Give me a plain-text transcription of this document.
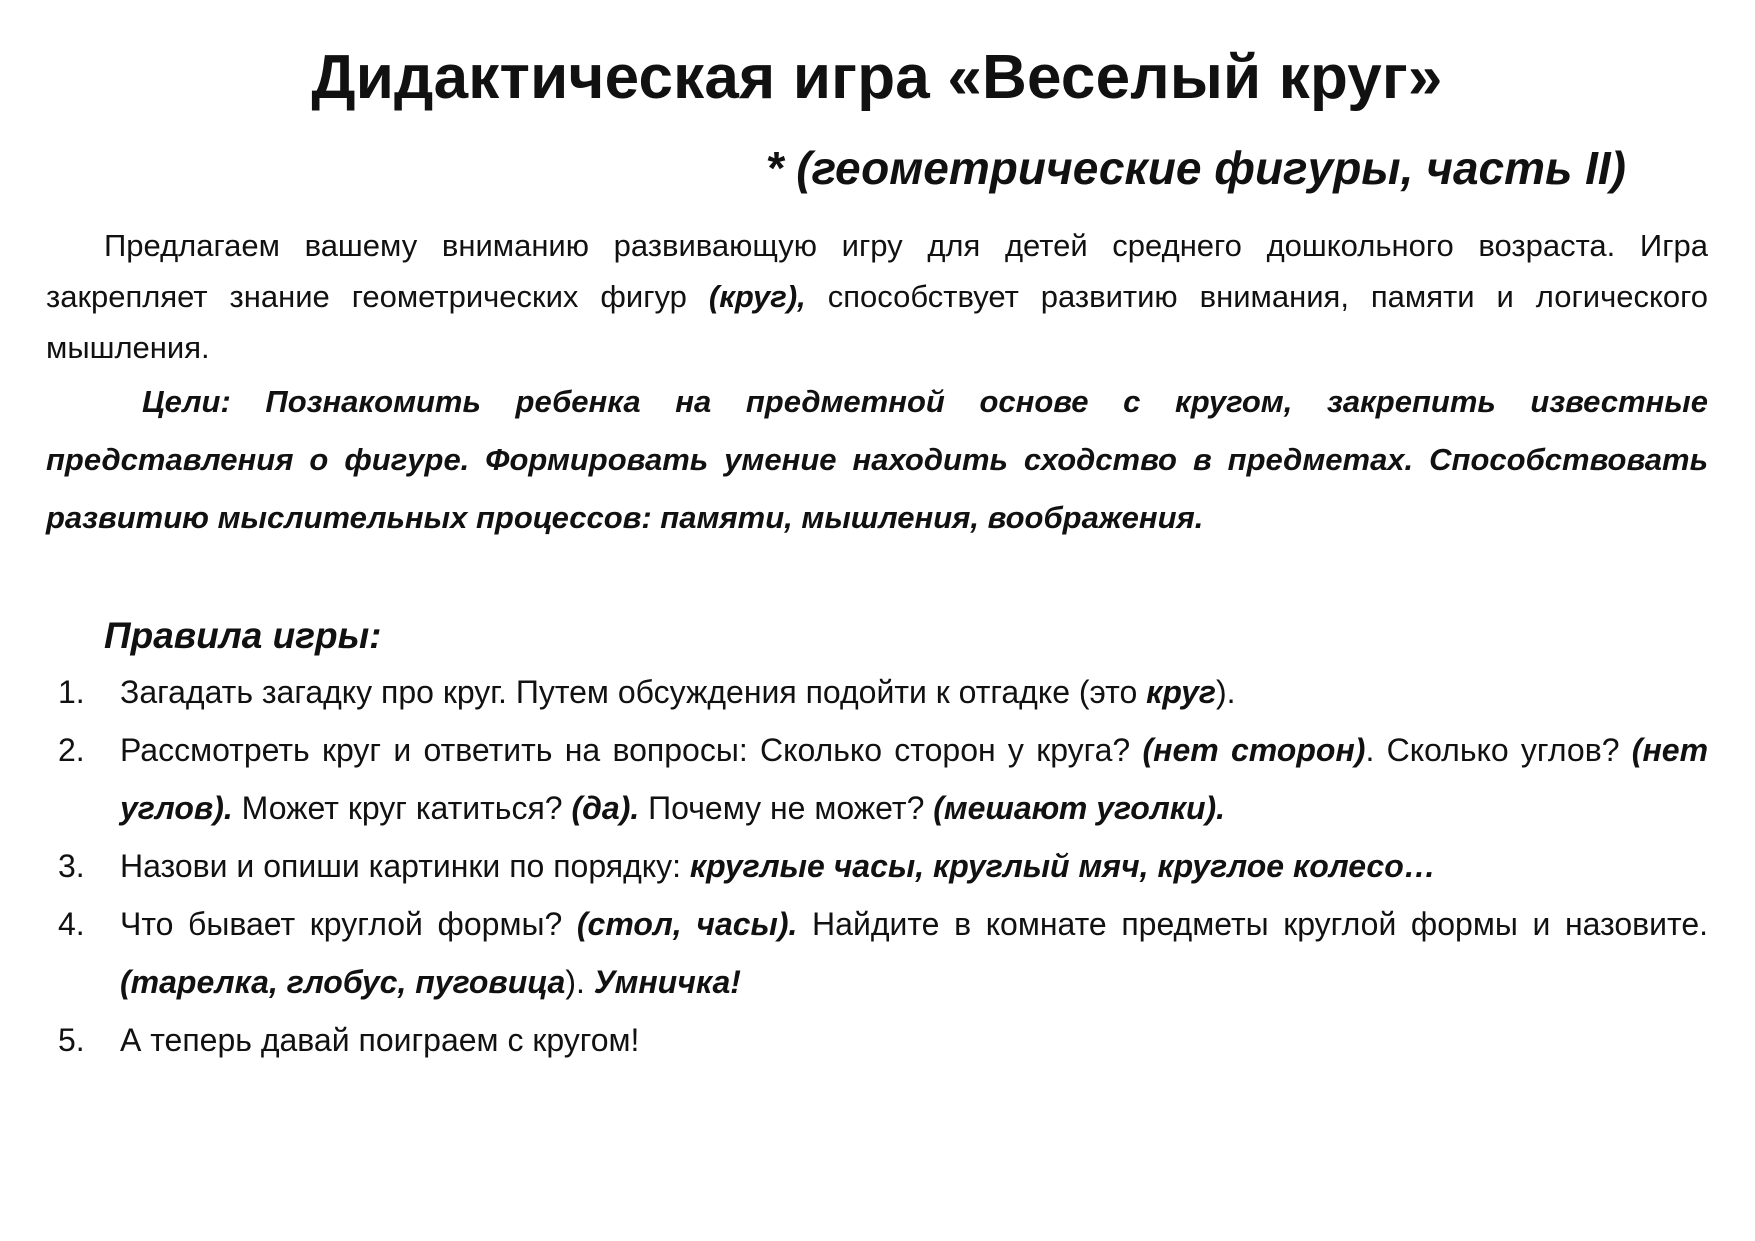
Дидактическая игра «Веселый круг»
* (геометрические фигуры, часть II)

Предлагаем вашему вниманию развивающую игру для детей среднего дошкольного возраста. Игра закрепляет знание геометрических фигур (круг), способствует развитию внимания, памяти и логического мышления.

Цели: Познакомить ребенка на предметной основе с кругом, закрепить известные представления о фигуре. Формировать умение находить сходство в предметах. Способствовать развитию мыслительных процессов: памяти, мышления, воображения.

Правила игры:
1. Загадать загадку про круг. Путем обсуждения подойти к отгадке (это круг).
2. Рассмотреть круг и ответить на вопросы: Сколько сторон у круга? (нет сторон). Сколько углов? (нет углов). Может круг катиться? (да). Почему не может? (мешают уголки).
3. Назови и опиши картинки по порядку: круглые часы, круглый мяч, круглое колесо…
4. Что бывает круглой формы? (стол, часы). Найдите в комнате предметы круглой формы и назовите. (тарелка, глобус, пуговица). Умничка!
5. А теперь давай поиграем с кругом!
